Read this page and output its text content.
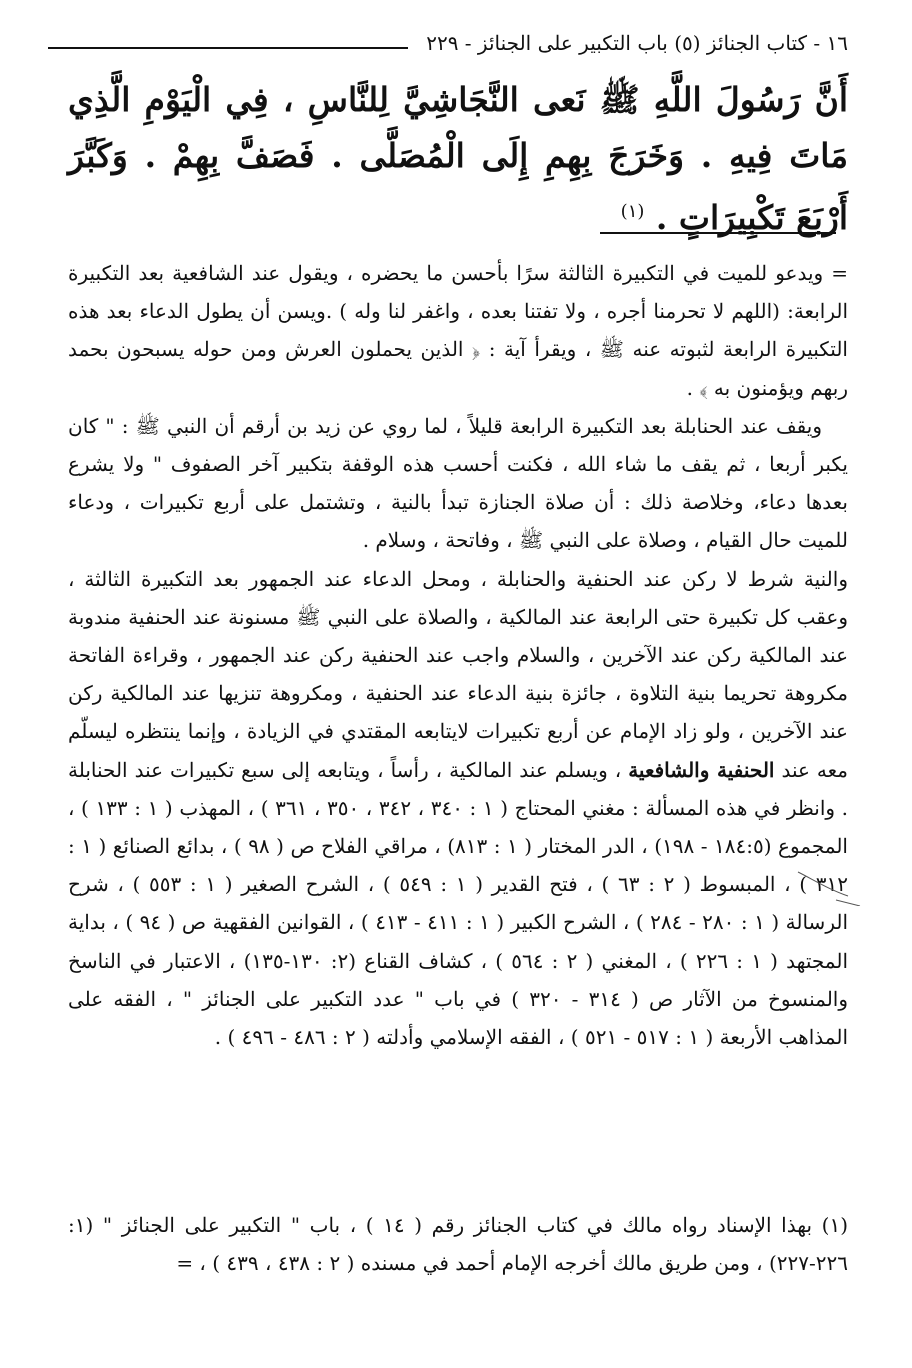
١٦ - كتاب الجنائز (٥) باب التكبير على الجنائز - ٢٢٩
أَنَّ رَسُولَ اللَّهِ ﷺ نَعى النَّجَاشِيَّ لِلنَّاسِ ، فِي الْيَوْمِ الَّذِي مَاتَ فِيهِ . وَخَرَجَ بِهِمِ إِلَى الْمُصَلَّى . فَصَفَّ بِهِمْ . وَكَبَّرَ أَرْبَعَ تَكْبِيرَاتٍ . $^{(١)}$

= ويدعو للميت في التكبيرة الثالثة سرًا بأحسن ما يحضره ، ويقول عند الشافعية بعد التكبيرة الرابعة: (اللهم لا تحرمنا أجره ، ولا تفتنا بعده ، واغفر لنا وله ) .ويسن أن يطول الدعاء بعد هذه التكبيرة الرابعة لثبوته عنه ﷺ ، ويقرأ آية : ﴿ الذين يحملون العرش ومن حوله يسبحون بحمد ربهم ويؤمنون به ﴾ .

ويقف عند الحنابلة بعد التكبيرة الرابعة قليلاً ، لما روي عن زيد بن أرقم أن النبي ﷺ : " كان يكبر أربعا ، ثم يقف ما شاء الله ، فكنت أحسب هذه الوقفة بتكبير آخر الصفوف " ولا يشرع بعدها دعاء، وخلاصة ذلك : أن صلاة الجنازة تبدأ بالنية ، وتشتمل على أربع تكبيرات ، ودعاء للميت حال القيام ، وصلاة على النبي ﷺ ، وفاتحة ، وسلام .

والنية شرط لا ركن عند الحنفية والحنابلة ، ومحل الدعاء عند الجمهور بعد التكبيرة الثالثة ، وعقب كل تكبيرة حتى الرابعة عند المالكية ، والصلاة على النبي ﷺ مسنونة عند الحنفية مندوبة عند المالكية ركن عند الآخرين ، والسلام واجب عند الحنفية ركن عند الجمهور ، وقراءة الفاتحة مكروهة تحريما بنية التلاوة ، جائزة بنية الدعاء عند الحنفية ، ومكروهة تنزيها عند المالكية ركن عند الآخرين ، ولو زاد الإمام عن أربع تكبيرات لايتابعه المقتدي في الزيادة ، وإنما ينتظره ليسلّم معه عند الحنفية والشافعية ، ويسلم عند المالكية ، رأساً ، ويتابعه إلى سبع تكبيرات عند الحنابلة . وانظر في هذه المسألة : مغني المحتاج ( ١ : ٣٤٠ ، ٣٤٢ ، ٣٥٠ ، ٣٦١ ) ، المهذب ( ١ : ١٣٣ ) ، المجموع (١٨٤:٥ - ١٩٨) ، الدر المختار ( ١ : ٨١٣) ، مراقي الفلاح ص ( ٩٨ ) ، بدائع الصنائع ( ١ : ٣١٢ ) ، المبسوط ( ٢ : ٦٣ ) ، فتح القدير ( ١ : ٥٤٩ ) ، الشرح الصغير ( ١ : ٥٥٣ ) ، شرح الرسالة ( ١ : ٢٨٠ - ٢٨٤ ) ، الشرح الكبير ( ١ : ٤١١ - ٤١٣ ) ، القوانين الفقهية ص ( ٩٤ ) ، بداية المجتهد ( ١ : ٢٢٦ ) ، المغني ( ٢ : ٥٦٤ ) ، كشاف القناع (٢: ١٣٠-١٣٥) ، الاعتبار في الناسخ والمنسوخ من الآثار ص ( ٣١٤ - ٣٢٠ ) في باب " عدد التكبير على الجنائز " ، الفقه على المذاهب الأربعة ( ١ : ٥١٧ - ٥٢١ ) ، الفقه الإسلامي وأدلته ( ٢ : ٤٨٦ - ٤٩٦ ) .

(١) بهذا الإسناد رواه مالك في كتاب الجنائز رقم ( ١٤ ) ، باب " التكبير على الجنائز " (١: ٢٢٦-٢٢٧) ، ومن طريق مالك أخرجه الإمام أحمد في مسنده ( ٢ : ٤٣٨ ، ٤٣٩ ) ، =
